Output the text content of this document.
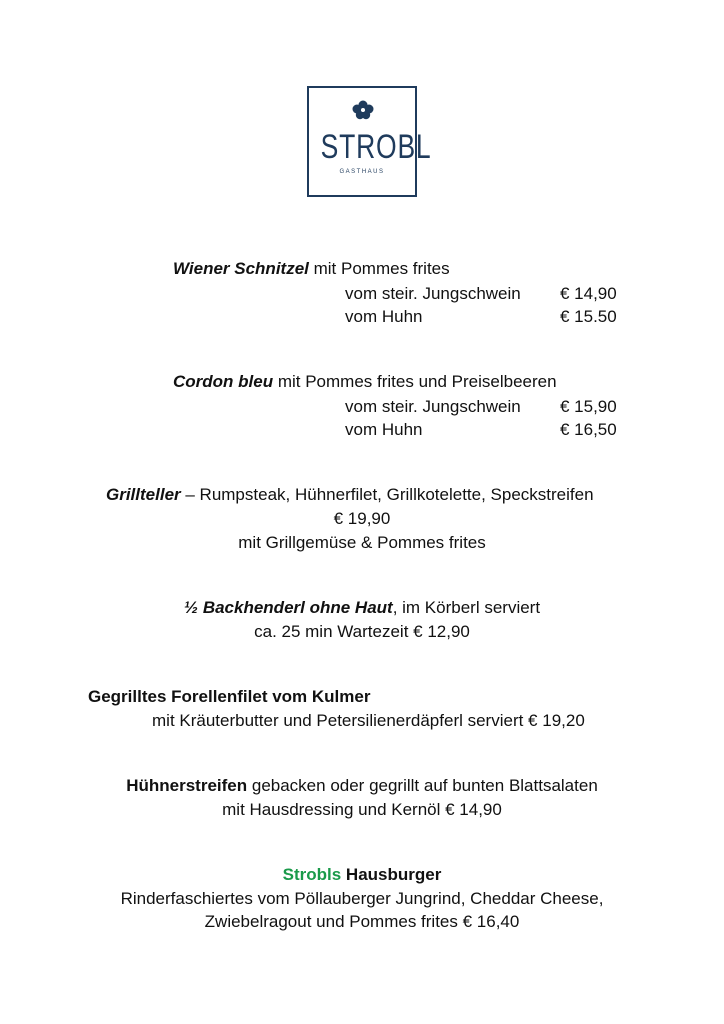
STROBL
GASTHAUS
Wiener Schnitzel mit Pommes frites
vom steir. Jungschwein € 14,90
vom Huhn	€ 15.50
Cordon bleu mit Pommes frites und Preiselbeeren
vom steir. Jungschwein € 15,90
vom Huhn	€ 16,50
Grillteller – Rumpsteak, Hühnerfilet, Grillkotelette, Speckstreifen
€ 19,90
mit Grillgemüse & Pommes frites
½ Backhenderl ohne Haut, im Körberl serviert
ca. 25 min Wartezeit € 12,90
Gegrilltes Forellenfilet vom Kulmer
mit Kräuterbutter und Petersilienerdäpferl serviert € 19,20
Hühnerstreifen gebacken oder gegrillt auf bunten Blattsalaten
mit Hausdressing und Kernöl € 14,90
Strobls Hausburger
Rinderfaschiertes vom Pöllauberger Jungrind, Cheddar Cheese,
Zwiebelragout und Pommes frites € 16,40
